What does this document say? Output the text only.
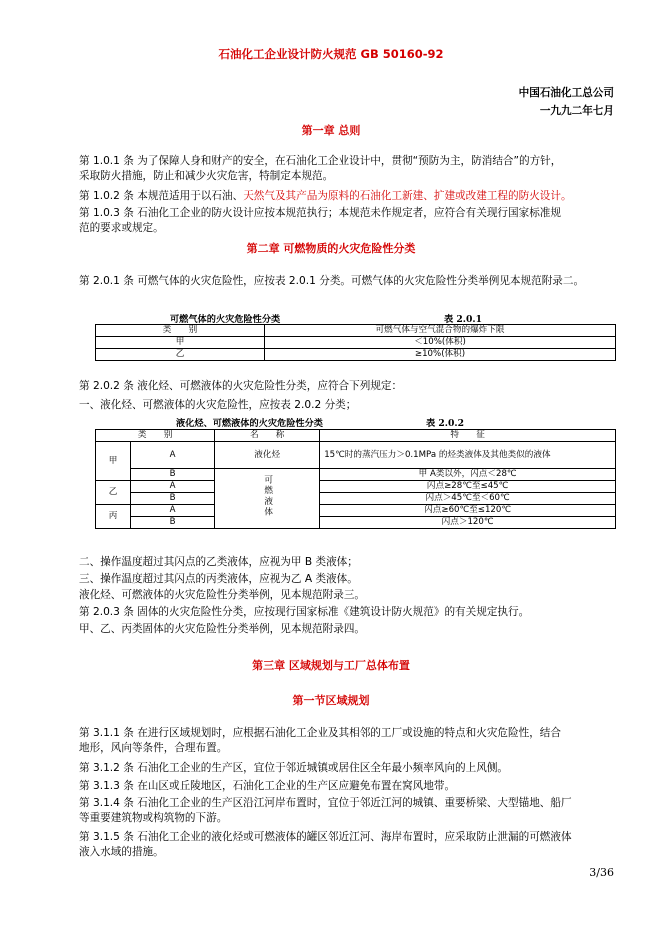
石油化工企业设计防火规范 GB 50160-92
中国石油化工总公司
一九九二年七月
第一章 总则
第 1.0.1 条 为了保障人身和财产的安全，在石油化工企业设计中，贯彻“预防为主，防消结合”的方针，
采取防火措施，防止和减少火灾危害，特制定本规范。
第 1.0.2 条 本规范适用于以石油、天然气及其产品为原料的石油化工新建、扩建或改建工程的防火设计。
第 1.0.3 条 石油化工企业的防火设计应按本规范执行；本规范未作规定者，应符合有关现行国家标准规
范的要求或规定。
第二章 可燃物质的火灾危险性分类
第 2.0.1 条 可燃气体的火灾危险性，应按表 2.0.1 分类。可燃气体的火灾危险性分类举例见本规范附录二。
可燃气体的火灾危险性分类	表 2.0.1
类　　别	可燃气体与空气混合物的爆炸下限
甲	＜10%(体积)
乙	≥10%(体积)
第 2.0.2 条 液化烃、可燃液体的火灾危险性分类，应符合下列规定：
一、液化烃、可燃液体的火灾危险性，应按表 2.0.2 分类；
液化烃、可燃液体的火灾危险性分类	表 2.0.2
类　　别		名　　称	特　　征
甲	A	液化烃	15℃时的蒸汽压力＞0.1MPa 的烃类液体及其他类似的液体
	B	可燃液体	甲 A类以外，闪点＜28℃
乙	A		闪点≥28℃至≤45℃
	B		闪点＞45℃至＜60℃
丙	A		闪点≥60℃至≤120℃
	B		闪点＞120℃
二、操作温度超过其闪点的乙类液体，应视为甲 B 类液体；
三、操作温度超过其闪点的丙类液体，应视为乙 A 类液体。
液化烃、可燃液体的火灾危险性分类举例，见本规范附录三。
第 2.0.3 条 固体的火灾危险性分类，应按现行国家标准《建筑设计防火规范》的有关规定执行。
甲、乙、丙类固体的火灾危险性分类举例，见本规范附录四。
第三章 区域规划与工厂总体布置
第一节区域规划
第 3.1.1 条 在进行区域规划时，应根据石油化工企业及其相邻的工厂或设施的特点和火灾危险性，结合
地形，风向等条件，合理布置。
第 3.1.2 条 石油化工企业的生产区，宜位于邻近城镇或居住区全年最小频率风向的上风侧。
第 3.1.3 条 在山区或丘陵地区，石油化工企业的生产区应避免布置在窝风地带。
第 3.1.4 条 石油化工企业的生产区沿江河岸布置时，宜位于邻近江河的城镇、重要桥梁、大型锚地、船厂
等重要建筑物或构筑物的下游。
第 3.1.5 条 石油化工企业的液化烃或可燃液体的罐区邻近江河、海岸布置时，应采取防止泄漏的可燃液体
液入水域的措施。
3/36
